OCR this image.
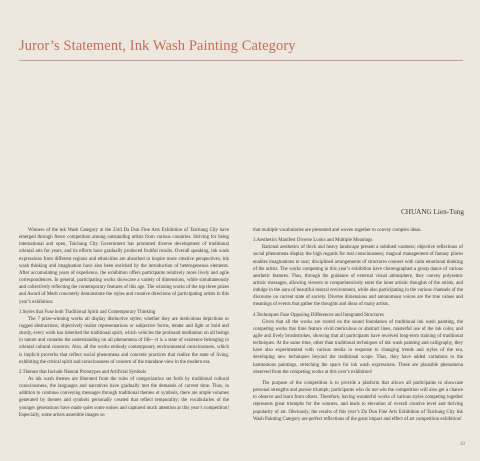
Juror’s Statement, Ink Wash Painting Category
CHUANG Lien-Tung

Winners of the ink Wash Category at the 23rd Da Dun Fine Arts Exhibition of Taichung City have emerged through fierce competition among outstanding artists from various countries. Striving for being international and open, Taichung City Government has promoted diverse development of traditional oriental arts for years, and its efforts have gradually produced fruitful results. Overall speaking, ink wash expressions from different regions and ethnicities are absorbed to inspire more creative perspectives; ink wash thinking and imagination have also been enriched by the introduction of heterogeneous elements. After accumulating years of experience, the exhibition offers participants relatively more lively and agile correspondences. In general, participating works showcase a variety of dimensions, while simultaneously and collectively reflecting the contemporary features of this age. The winning works of the top three prizes and Award of Merit concretely demonstrate the styles and creative directions of participating artists in this year’s exhibition:

1.Styles that Fuse both Traditional Spirit and Contemporary Thinking

The 7 prize-winning works all display distinctive styles; whether they are meticulous depictions or rugged abstractions, objectively realist representations or subjective forms, tender and light or bold and sturdy, every work has inherited the traditional spirit, which vehicles the profound meditation on all beings in nature and contains the understanding on all phenomena of life—it is a state of existence belonging to oriental cultural concerns. Also, all the works embody contemporary environmental consciousness, which is implicit proverbs that reflect social phenomena and concrete practices that realize the state of living, exhibiting the critical spirit and consciousness of concern of the mundane view in the modern era.

2.Themes that Include Natural Prototypes and Artificial Symbols

As ink wash themes are liberated from the rules of categorization set forth by traditional cultural consciousness, the languages and narratives have gradually met the demands of current time. Thus, in addition to continue conveying messages through traditional themes or symbols, there are ample volumes generated by themes and symbols personally created that reflect temporality; the vocabularies of the younger generations have made quiet some noises and captured much attention at this year’s competition! Especially, some artists assemble images so

that multiple vocabularies are presented and woven together to convey complex ideas.

3.Aesthetics Manifest Diverse Looks and Multiple Meanings

Rational aesthetics of thick and heavy landscape present a subdued vastness; objective reflections of social phenomena display the high regards for real consciousness; magical management of fantasy places enables imaginations to soar; disciplined arrangements of structures connect with calm emotional thinking of the artists. The works competing in this year’s exhibition have choreographed a group dance of various aesthetic features. Thus, through the guidance of external visual atmosphere, they convey polysemic artistic messages, allowing viewers to comprehensively enter the inner artistic thoughts of the artists, and indulge in the aura of beautiful neutral environment, while also participating in the various channels of the discourse on current state of society. Diverse dimensions and autonomous voices are the true values and meanings of events that gather the thoughts and ideas of many artists.

4.Techniques Fuse Opposing Differences and Integrated Structures

Given that all the works are rooted on the sound foundation of traditional ink wash painting, the competing works this time feature vivid meticulous or abstract lines, masterful use of the ink color, and agile and lively brushstrokes, showing that all participants have received long-term training of traditional techniques. At the same time, other than traditional techniques of ink wash painting and calligraphy, they have also experimented with various media in response to changing trends and styles of the era, developing new techniques beyond the traditional scope. Thus, they have added variations to the harmonious paintings, stretching the space for ink wash expressions. These are plausible phenomena observed from the competing works at this year’s exhibition!

The purpose of the competition is to provide a platform that allows all participants to showcase personal strengths and pursue triumph; participants who do not win the competition will also get a chance to observe and learn from others. Therefore, having wonderful works of various styles competing together represents great triumphs for the winners, and leads to elevation of overall creative level and thriving popularity of art. Obviously, the results of this year’s Da Dun Fine Arts Exhibition of Taichung City Ink Wash Painting Category are perfect reflections of the great impact and effect of art competition exhibition!

43
